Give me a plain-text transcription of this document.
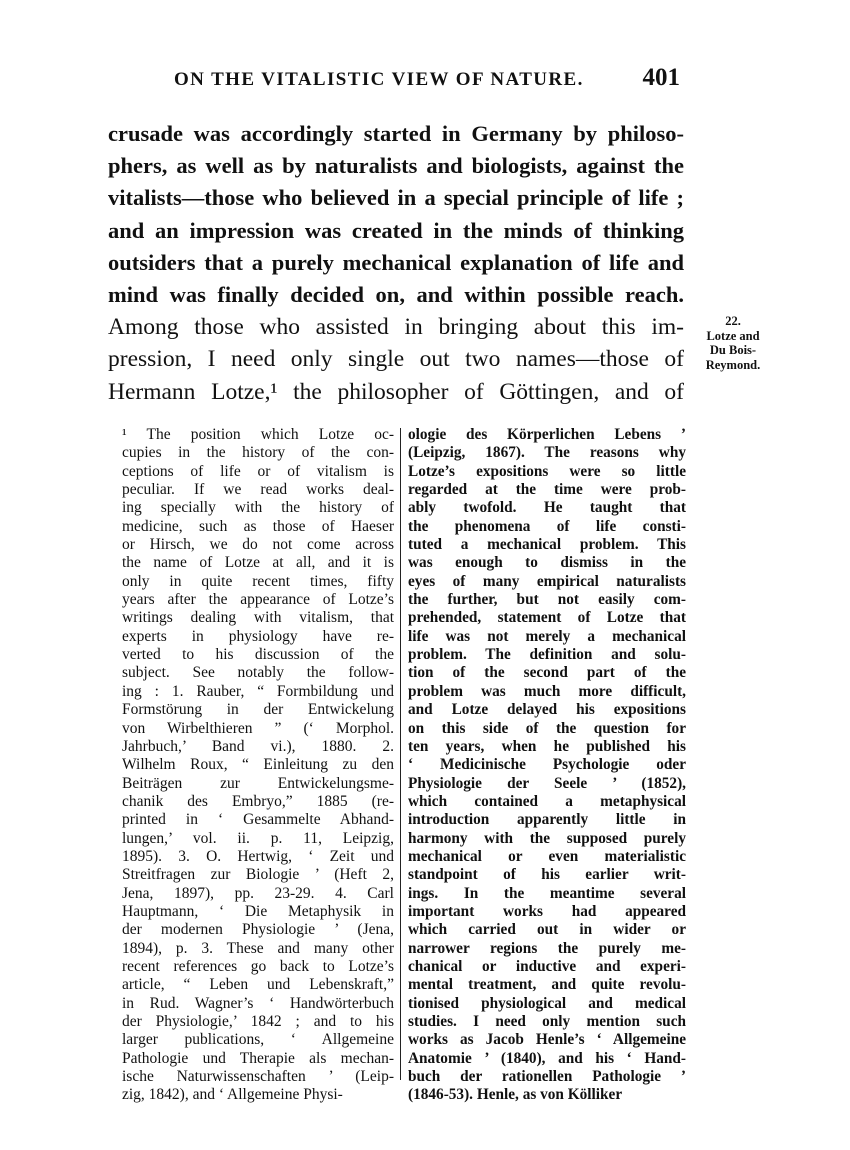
ON THE VITALISTIC VIEW OF NATURE. 401
crusade was accordingly started in Germany by philoso-
phers, as well as by naturalists and biologists, against the
vitalists—those who believed in a special principle of life ;
and an impression was created in the minds of thinking
outsiders that a purely mechanical explanation of life and
mind was finally decided on, and within possible reach.
Among those who assisted in bringing about this im-
pression, I need only single out two names—those of
Hermann Lotze,¹ the philosopher of Göttingen, and of
22.
Lotze and
Du Bois-
Reymond.
¹ The position which Lotze oc-
cupies in the history of the con-
ceptions of life or of vitalism is
peculiar. If we read works deal-
ing specially with the history of
medicine, such as those of Haeser
or Hirsch, we do not come across
the name of Lotze at all, and it is
only in quite recent times, fifty
years after the appearance of Lotze’s
writings dealing with vitalism, that
experts in physiology have re-
verted to his discussion of the
subject. See notably the follow-
ing : 1. Rauber, “ Formbildung und
Formstörung in der Entwickelung
von Wirbelthieren ” (‘ Morphol.
Jahrbuch,’ Band vi.), 1880. 2.
Wilhelm Roux, “ Einleitung zu den
Beiträgen zur Entwickelungsme-
chanik des Embryo,” 1885 (re-
printed in ‘ Gesammelte Abhand-
lungen,’ vol. ii. p. 11, Leipzig,
1895). 3. O. Hertwig, ‘ Zeit und
Streitfragen zur Biologie ’ (Heft 2,
Jena, 1897), pp. 23-29. 4. Carl
Hauptmann, ‘ Die Metaphysik in
der modernen Physiologie ’ (Jena,
1894), p. 3. These and many other
recent references go back to Lotze’s
article, “ Leben und Lebenskraft,”
in Rud. Wagner’s ‘ Handwörterbuch
der Physiologie,’ 1842 ; and to his
larger publications, ‘ Allgemeine
Pathologie und Therapie als mechan-
ische Naturwissenschaften ’ (Leip-
zig, 1842), and ‘ Allgemeine Physi-
ologie des Körperlichen Lebens ’
(Leipzig, 1867). The reasons why
Lotze’s expositions were so little
regarded at the time were prob-
ably twofold. He taught that
the phenomena of life consti-
tuted a mechanical problem. This
was enough to dismiss in the
eyes of many empirical naturalists
the further, but not easily com-
prehended, statement of Lotze that
life was not merely a mechanical
problem. The definition and solu-
tion of the second part of the
problem was much more difficult,
and Lotze delayed his expositions
on this side of the question for
ten years, when he published his
‘ Medicinische Psychologie oder
Physiologie der Seele ’ (1852),
which contained a metaphysical
introduction apparently little in
harmony with the supposed purely
mechanical or even materialistic
standpoint of his earlier writ-
ings. In the meantime several
important works had appeared
which carried out in wider or
narrower regions the purely me-
chanical or inductive and experi-
mental treatment, and quite revolu-
tionised physiological and medical
studies. I need only mention such
works as Jacob Henle’s ‘ Allgemeine
Anatomie ’ (1840), and his ‘ Hand-
buch der rationellen Pathologie ’
(1846-53). Henle, as von Kölliker
